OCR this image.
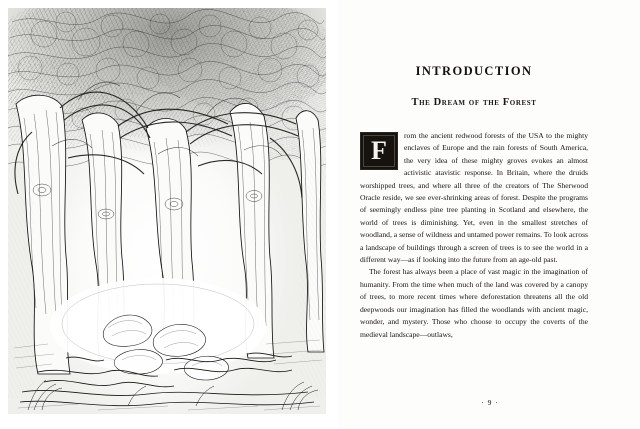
INTRODUCTION
The Dream of the Forest
F

rom the ancient redwood forests of the USA to the mighty enclaves of Europe and the rain forests of South America, the very idea of these mighty groves evokes an almost activistic atavistic response. In Britain, where the druids worshipped trees, and where all three of the creators of The Sherwood Oracle reside, we see ever-shrinking areas of forest. Despite the programs of seemingly endless pine tree planting in Scotland and elsewhere, the world of trees is diminishing. Yet, even in the smallest stretches of woodland, a sense of wildness and untamed power remains. To look across a landscape of buildings through a screen of trees is to see the world in a different way—as if looking into the future from an age-old past.

The forest has always been a place of vast magic in the imagination of humanity. From the time when much of the land was covered by a canopy of trees, to more recent times where deforestation threatens all the old deepwoods our imagination has filled the woodlands with ancient magic, wonder, and mystery. Those who choose to occupy the coverts of the medieval landscape—outlaws,

· 9 ·
